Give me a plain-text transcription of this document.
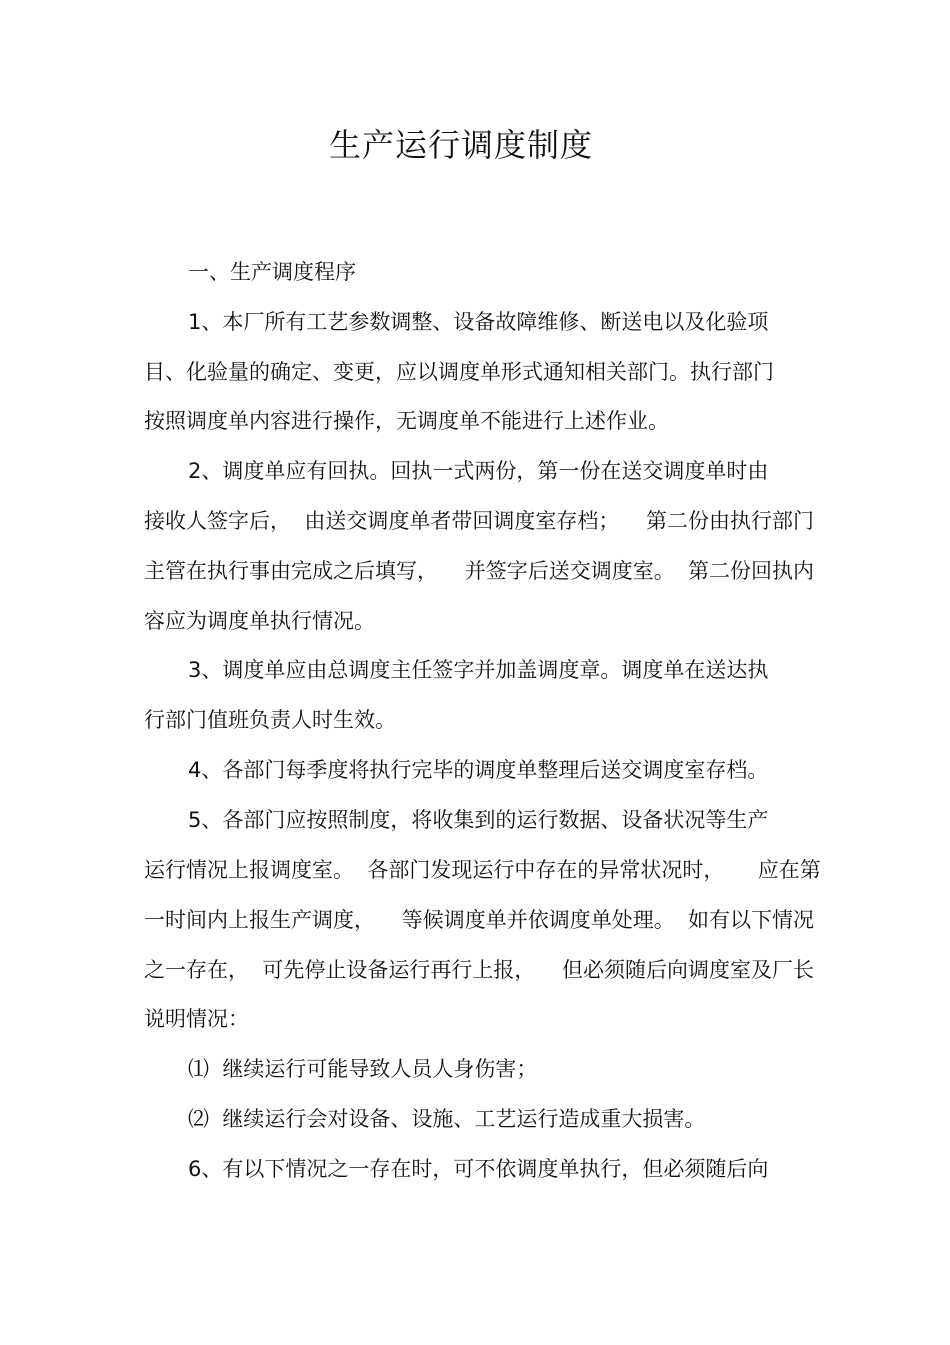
生产运行调度制度
一、生产调度程序
1、本厂所有工艺参数调整、设备故障维修、断送电以及化验项
目、化验量的确定、变更，应以调度单形式通知相关部门。执行部门
按照调度单内容进行操作，无调度单不能进行上述作业。
2、调度单应有回执。回执一式两份，第一份在送交调度单时由
接收人签字后，  由送交调度单者带回调度室存档；    第二份由执行部门
主管在执行事由完成之后填写，    并签字后送交调度室。  第二份回执内
容应为调度单执行情况。
3、调度单应由总调度主任签字并加盖调度章。调度单在送达执
行部门值班负责人时生效。
4、各部门每季度将执行完毕的调度单整理后送交调度室存档。
5、各部门应按照制度，将收集到的运行数据、设备状况等生产
运行情况上报调度室。  各部门发现运行中存在的异常状况时，     应在第
一时间内上报生产调度，    等候调度单并依调度单处理。  如有以下情况
之一存在，  可先停止设备运行再行上报，    但必须随后向调度室及厂长
说明情况：
⑴  继续运行可能导致人员人身伤害；
⑵  继续运行会对设备、设施、工艺运行造成重大损害。
6、有以下情况之一存在时，可不依调度单执行，但必须随后向
